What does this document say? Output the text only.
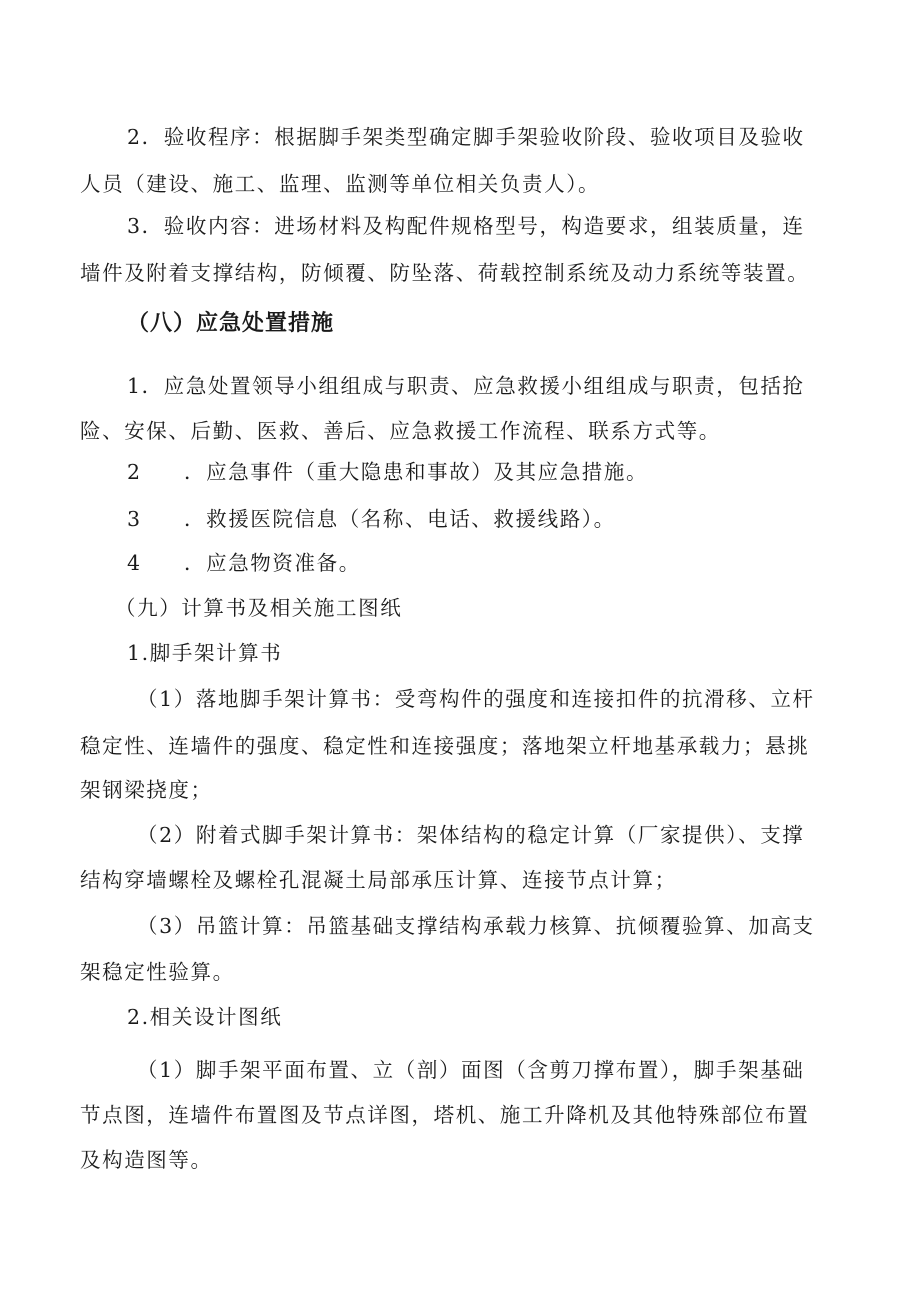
2．验收程序：根据脚手架类型确定脚手架验收阶段、验收项目及验收
人员（建设、施工、监理、监测等单位相关负责人）。
3．验收内容：进场材料及构配件规格型号，构造要求，组装质量，连
墙件及附着支撑结构，防倾覆、防坠落、荷载控制系统及动力系统等装置。
（八）应急处置措施
1．应急处置领导小组组成与职责、应急救援小组组成与职责，包括抢
险、安保、后勤、医救、善后、应急救援工作流程、联系方式等。
2 ．应急事件（重大隐患和事故）及其应急措施。
3 ．救援医院信息（名称、电话、救援线路）。
4 ．应急物资准备。
（九）计算书及相关施工图纸
1.脚手架计算书
（1）落地脚手架计算书：受弯构件的强度和连接扣件的抗滑移、立杆
稳定性、连墙件的强度、稳定性和连接强度；落地架立杆地基承载力；悬挑
架钢梁挠度；
（2）附着式脚手架计算书：架体结构的稳定计算（厂家提供）、支撑
结构穿墙螺栓及螺栓孔混凝土局部承压计算、连接节点计算；
（3）吊篮计算：吊篮基础支撑结构承载力核算、抗倾覆验算、加高支
架稳定性验算。
2.相关设计图纸
（1）脚手架平面布置、立（剖）面图（含剪刀撑布置），脚手架基础
节点图，连墙件布置图及节点详图，塔机、施工升降机及其他特殊部位布置
及构造图等。
